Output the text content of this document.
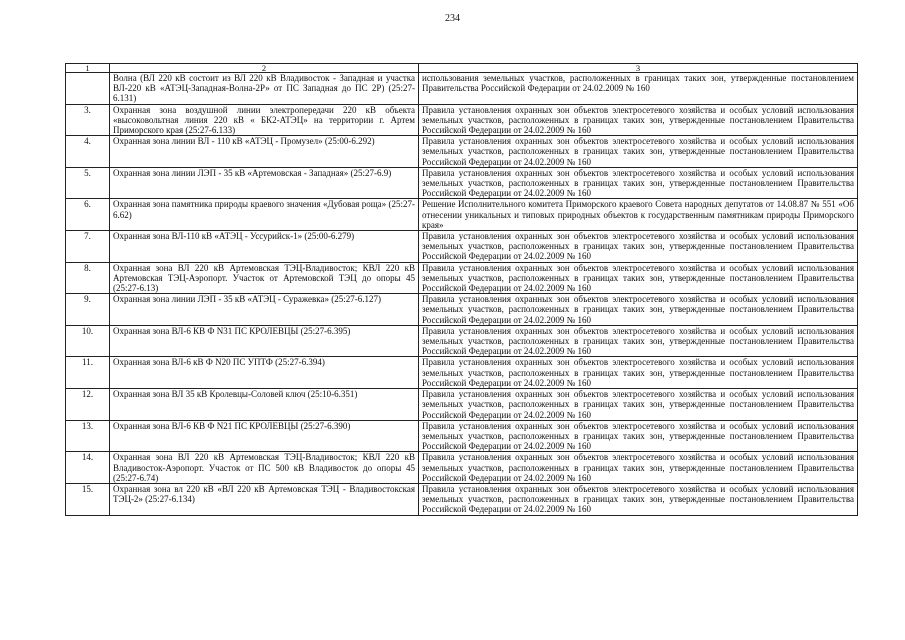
234
1	2	3
	Волна (ВЛ 220 кВ состоит из ВЛ 220 кВ Владивосток - Западная и участка ВЛ-220 кВ «АТЭЦ-Западная-Волна-2Р» от ПС Западная до ПС 2Р) (25:27-6.131)	использования земельных участков, расположенных в границах таких зон, утвержденные постановлением Правительства Российской Федерации от 24.02.2009 № 160
3.	Охранная зона воздушной линии электропередачи 220 кВ объекта «высоковольтная линия 220 кВ « БК2-АТЭЦ» на территории г. Артем Приморского края (25:27-6.133)	Правила установления охранных зон объектов электросетевого хозяйства и особых условий использования земельных участков, расположенных в границах таких зон, утвержденные постановлением Правительства Российской Федерации от 24.02.2009 № 160
4.	Охранная зона линии ВЛ - 110 кВ «АТЭЦ - Промузел» (25:00-6.292)	Правила установления охранных зон объектов электросетевого хозяйства и особых условий использования земельных участков, расположенных в границах таких зон, утвержденные постановлением Правительства Российской Федерации от 24.02.2009 № 160
5.	Охранная зона линии ЛЭП - 35 кВ «Артемовская - Западная» (25:27-6.9)	Правила установления охранных зон объектов электросетевого хозяйства и особых условий использования земельных участков, расположенных в границах таких зон, утвержденные постановлением Правительства Российской Федерации от 24.02.2009 № 160
6.	Охранная зона памятника природы краевого значения «Дубовая роща» (25:27-6.62)	Решение Исполнительного комитета Приморского краевого Совета народных депутатов от 14.08.87 № 551 «Об отнесении уникальных и типовых природных объектов к государственным памятникам природы Приморского края»
7.	Охранная зона ВЛ-110 кВ «АТЭЦ - Уссурийск-1» (25:00-6.279)	Правила установления охранных зон объектов электросетевого хозяйства и особых условий использования земельных участков, расположенных в границах таких зон, утвержденные постановлением Правительства Российской Федерации от 24.02.2009 № 160
8.	Охранная зона ВЛ 220 кВ Артемовская ТЭЦ-Владивосток; КВЛ 220 кВ Артемовская ТЭЦ-Аэропорт. Участок от Артемовской ТЭЦ до опоры 45 (25:27-6.13)	Правила установления охранных зон объектов электросетевого хозяйства и особых условий использования земельных участков, расположенных в границах таких зон, утвержденные постановлением Правительства Российской Федерации от 24.02.2009 № 160
9.	Охранная зона линии ЛЭП - 35 кВ «АТЭЦ - Суражевка» (25:27-6.127)	Правила установления охранных зон объектов электросетевого хозяйства и особых условий использования земельных участков, расположенных в границах таких зон, утвержденные постановлением Правительства Российской Федерации от 24.02.2009 № 160
10.	Охранная зона ВЛ-6 КВ Ф N31 ПС КРОЛЕВЦЫ (25:27-6.395)	Правила установления охранных зон объектов электросетевого хозяйства и особых условий использования земельных участков, расположенных в границах таких зон, утвержденные постановлением Правительства Российской Федерации от 24.02.2009 № 160
11.	Охранная зона ВЛ-6 кВ Ф N20 ПС УПТФ (25:27-6.394)	Правила установления охранных зон объектов электросетевого хозяйства и особых условий использования земельных участков, расположенных в границах таких зон, утвержденные постановлением Правительства Российской Федерации от 24.02.2009 № 160
12.	Охранная зона ВЛ 35 кВ Кролевцы-Соловей ключ (25:10-6.351)	Правила установления охранных зон объектов электросетевого хозяйства и особых условий использования земельных участков, расположенных в границах таких зон, утвержденные постановлением Правительства Российской Федерации от 24.02.2009 № 160
13.	Охранная зона ВЛ-6 КВ Ф N21 ПС КРОЛЕВЦЫ (25:27-6.390)	Правила установления охранных зон объектов электросетевого хозяйства и особых условий использования земельных участков, расположенных в границах таких зон, утвержденные постановлением Правительства Российской Федерации от 24.02.2009 № 160
14.	Охранная зона ВЛ 220 кВ Артемовская ТЭЦ-Владивосток; КВЛ 220 кВ Владивосток-Аэропорт. Участок от ПС 500 кВ Владивосток до опоры 45 (25:27-6.74)	Правила установления охранных зон объектов электросетевого хозяйства и особых условий использования земельных участков, расположенных в границах таких зон, утвержденные постановлением Правительства Российской Федерации от 24.02.2009 № 160
15.	Охранная зона вл 220 кВ «ВЛ 220 кВ Артемовская ТЭЦ - Владивостокская ТЭЦ-2» (25:27-6.134)	Правила установления охранных зон объектов электросетевого хозяйства и особых условий использования земельных участков, расположенных в границах таких зон, утвержденные постановлением Правительства Российской Федерации от 24.02.2009 № 160
